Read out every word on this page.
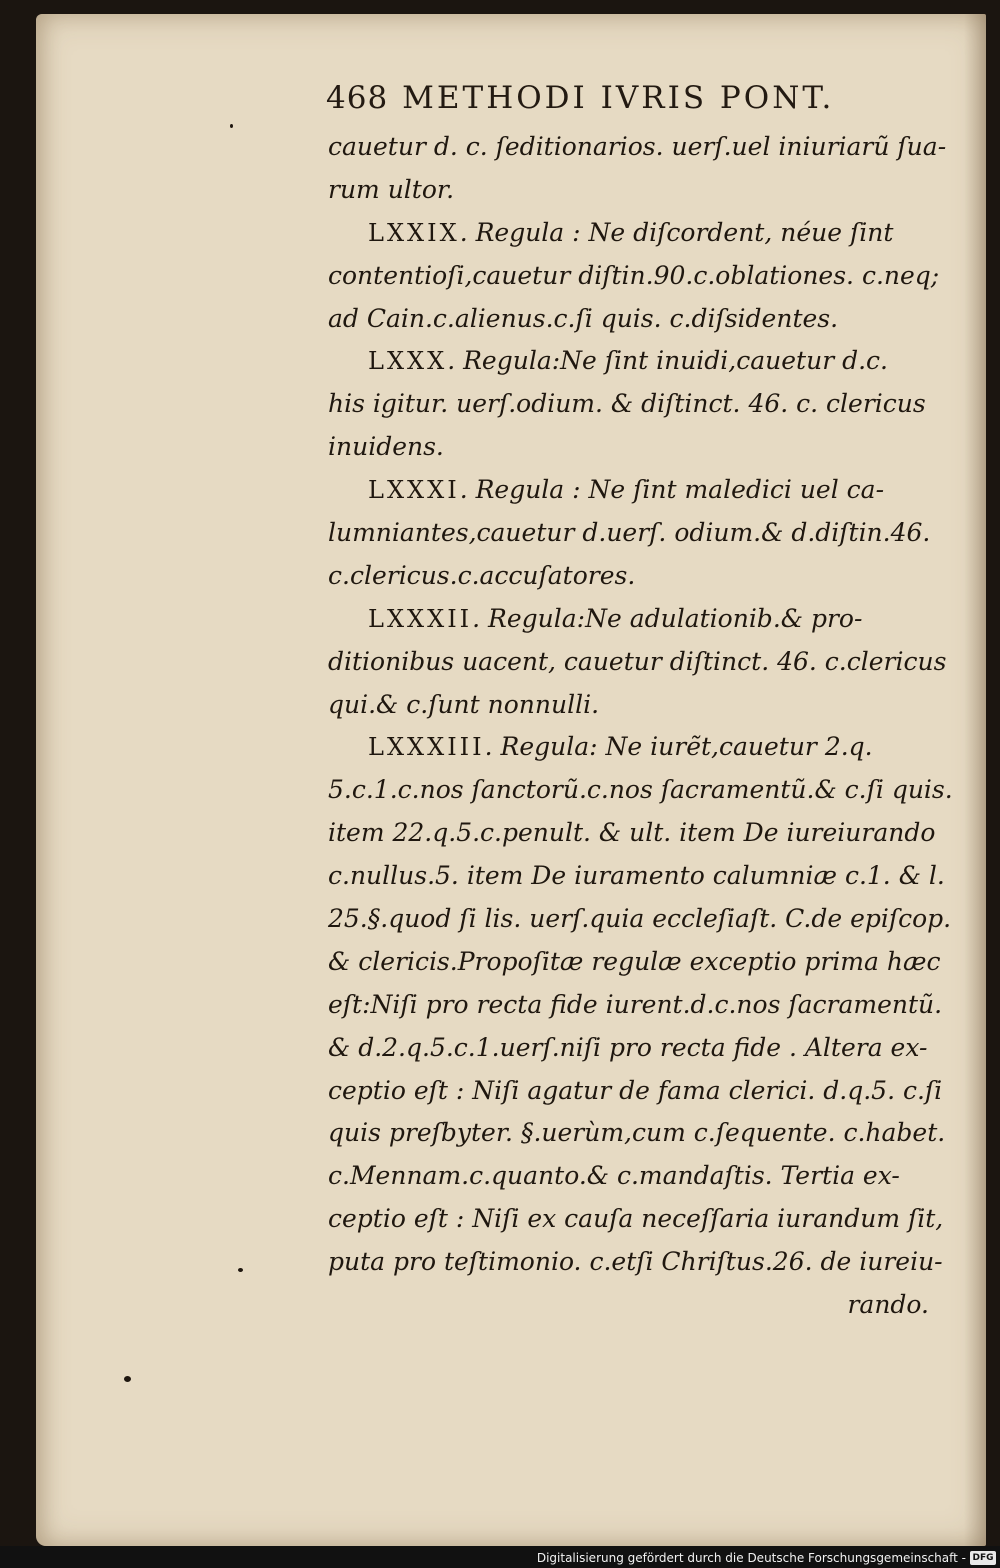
468 METHODI IVRIS PONT.
cauetur d. c. ſeditionarios. uerſ.uel iniuriarũ ſua-
rum ultor.
LXXIX. Regula : Ne diſcordent, néue ſint
contentioſi,cauetur diſtin.90.c.oblationes. c.neq;
ad Cain.c.alienus.c.ſi quis. c.diſsidentes.
LXXX. Regula:Ne ſint inuidi,cauetur d.c.
his igitur. uerſ.odium. & diſtinct. 46. c. clericus
inuidens.
LXXXI. Regula : Ne ſint maledici uel ca-
lumniantes,cauetur d.uerſ. odium.& d.diſtin.46.
c.clericus.c.accuſatores.
LXXXII. Regula:Ne adulationib.& pro-
ditionibus uacent, cauetur diſtinct. 46. c.clericus
qui.& c.ſunt nonnulli.
LXXXIII. Regula: Ne iurẽt,cauetur 2.q.
5.c.1.c.nos ſanctorũ.c.nos ſacramentũ.& c.ſi quis.
item 22.q.5.c.penult. & ult. item De iureiurando
c.nullus.5. item De iuramento calumniæ c.1. & l.
25.§.quod ſi lis. uerſ.quia eccleſiaſt. C.de epiſcop.
& clericis.Propoſitæ regulæ exceptio prima hæc
eſt:Niſi pro recta fide iurent.d.c.nos ſacramentũ.
& d.2.q.5.c.1.uerſ.niſi pro recta fide . Altera ex-
ceptio eſt : Niſi agatur de fama clerici. d.q.5. c.ſi
quis preſbyter. §.uerùm,cum c.ſequente. c.habet.
c.Mennam.c.quanto.& c.mandaſtis. Tertia ex-
ceptio eſt : Niſi ex cauſa neceſſaria iurandum ſit,
puta pro teſtimonio. c.etſi Chriſtus.26. de iureiu-
rando.
Digitalisierung gefördert durch die Deutsche Forschungsgemeinschaft - DFG
